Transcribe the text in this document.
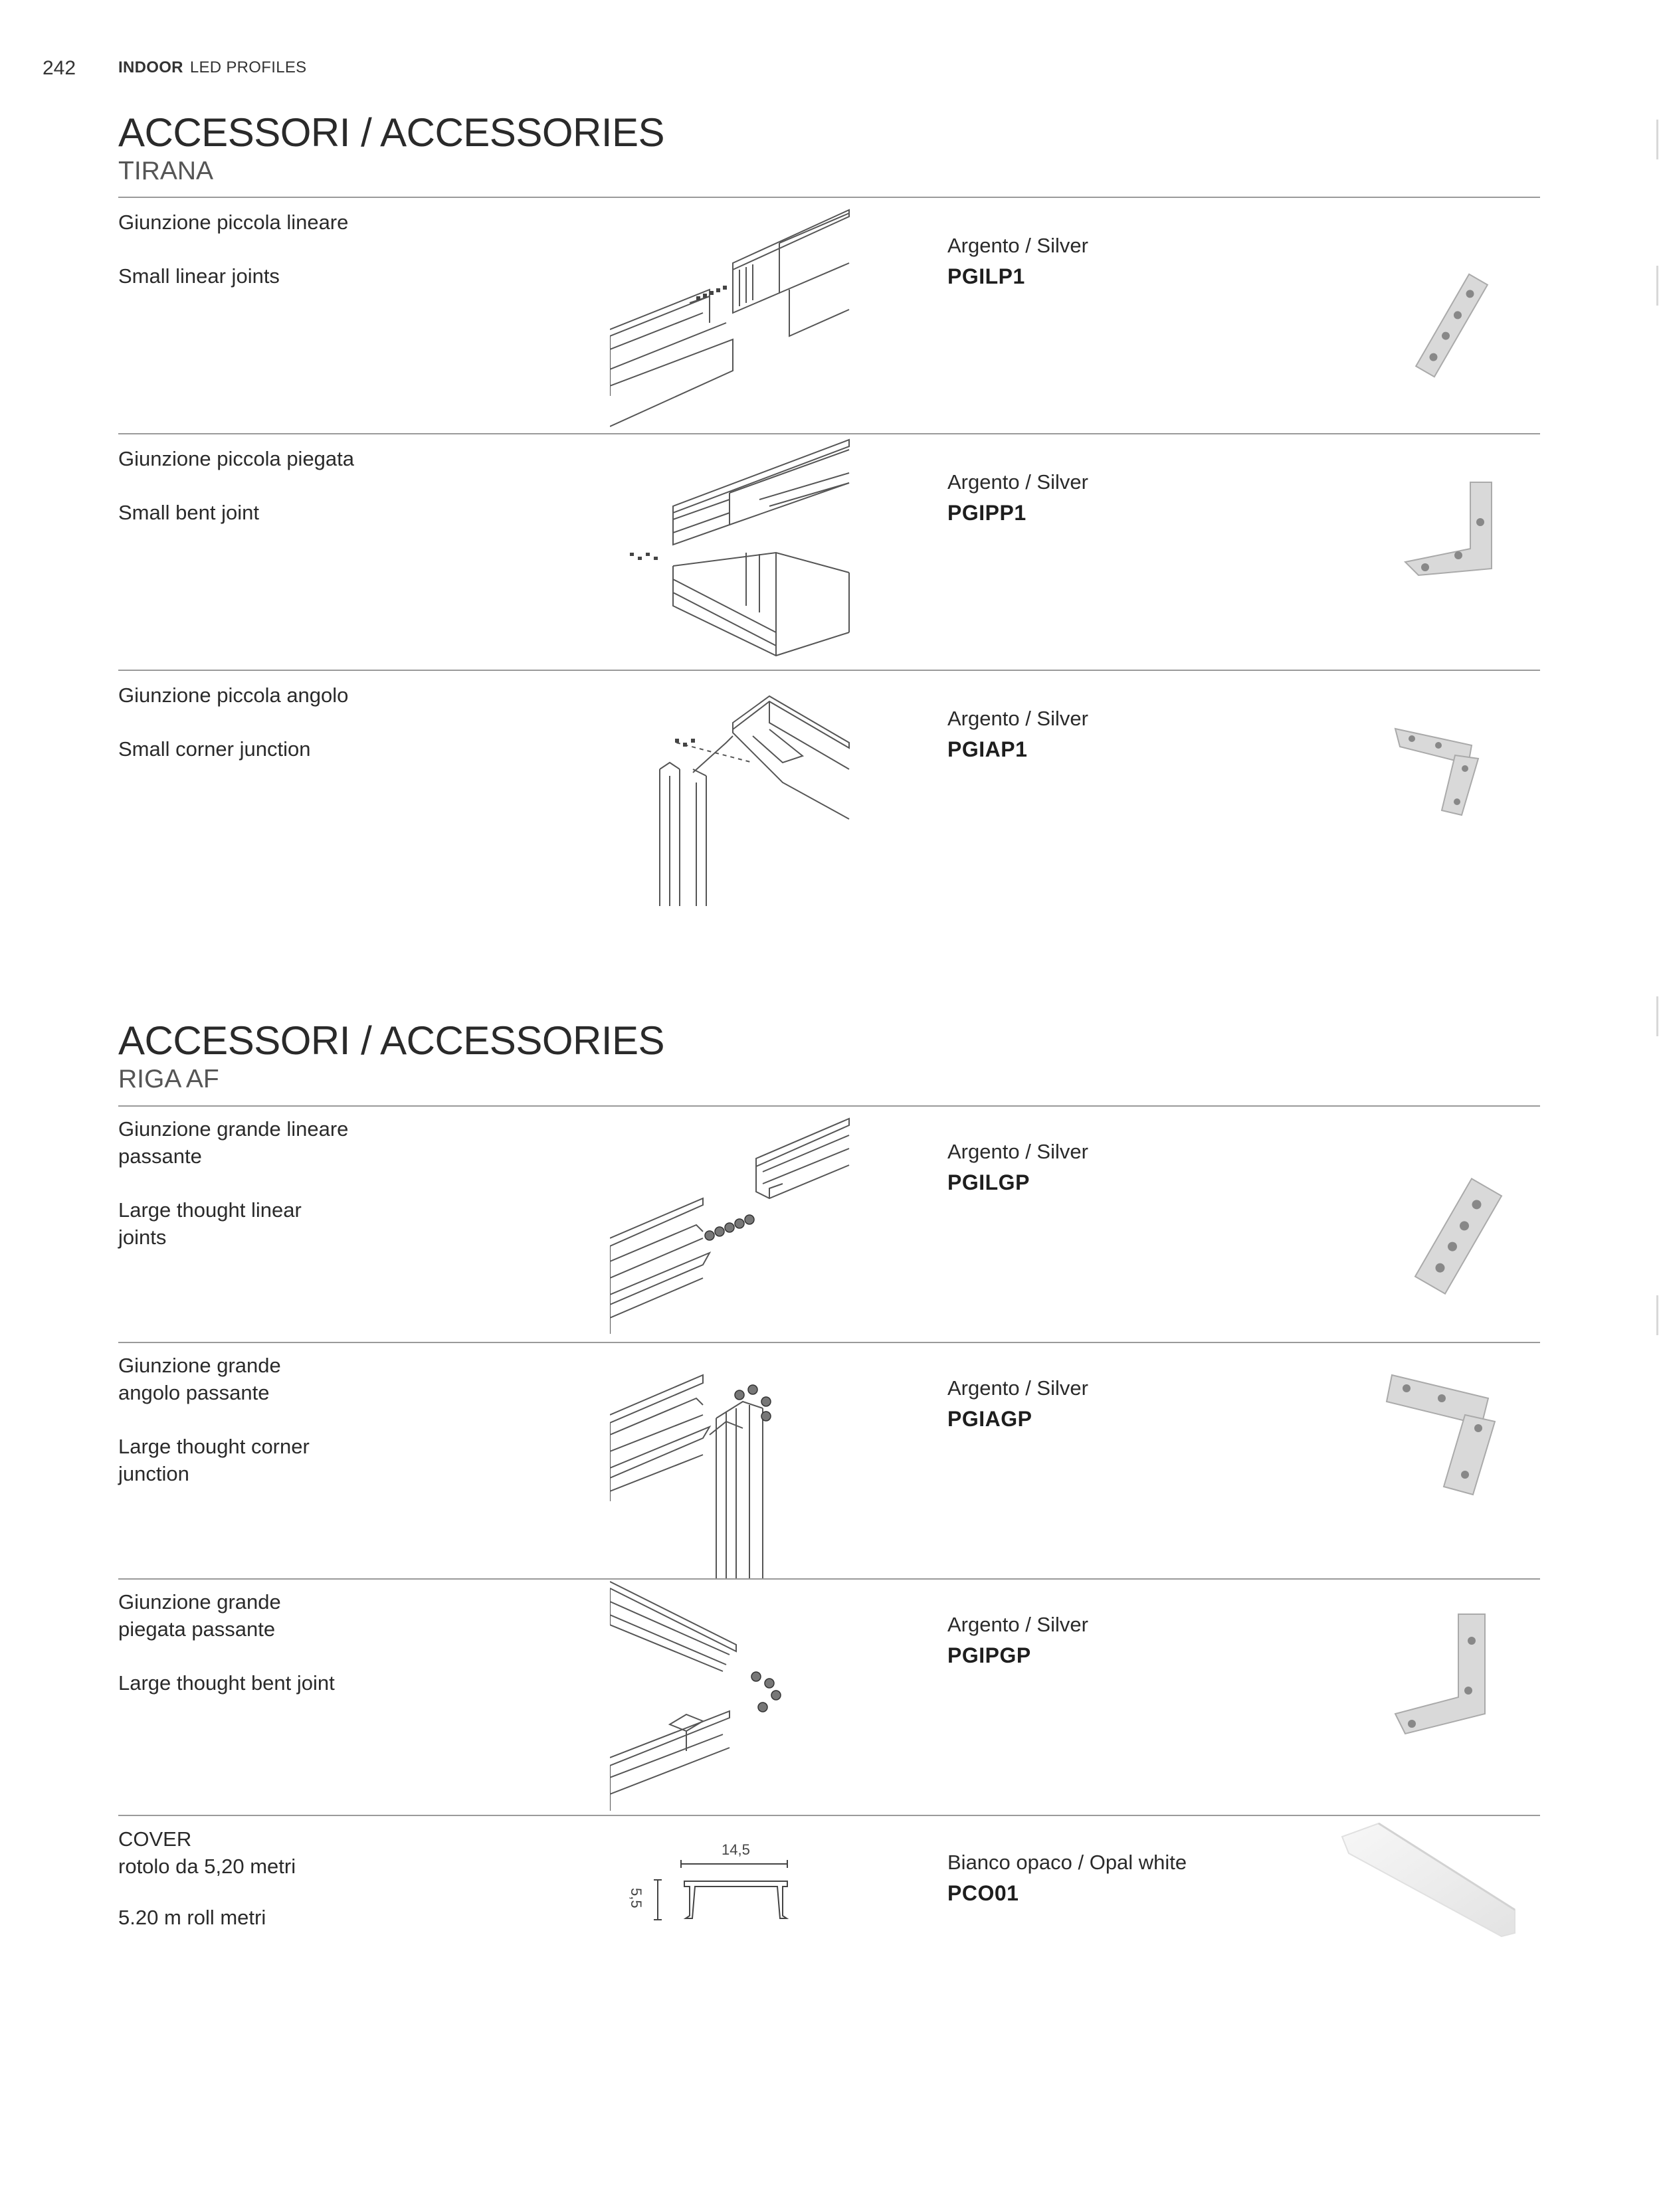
242	INDOOR LED PROFILES
ACCESSORI / ACCESSORIES
TIRANA

Giunzione piccola lineare

Small linear joints

Argento / Silver
PGILP1

Giunzione piccola piegata

Small bent joint

Argento / Silver
PGIPP1

Giunzione piccola angolo

Small corner junction

Argento / Silver
PGIAP1
ACCESSORI / ACCESSORIES
RIGA AF

Giunzione grande lineare

passante

Large thought linear

joints

Argento / Silver
PGILGP

Giunzione grande

angolo passante

Large thought corner

junction

Argento / Silver
PGIAGP

Giunzione grande

piegata passante

Large thought bent joint

Argento / Silver
PGIPGP

COVER

rotolo da 5,20 metri

5.20 m roll metri

14,5
5,5
Bianco opaco / Opal white
PCO01
